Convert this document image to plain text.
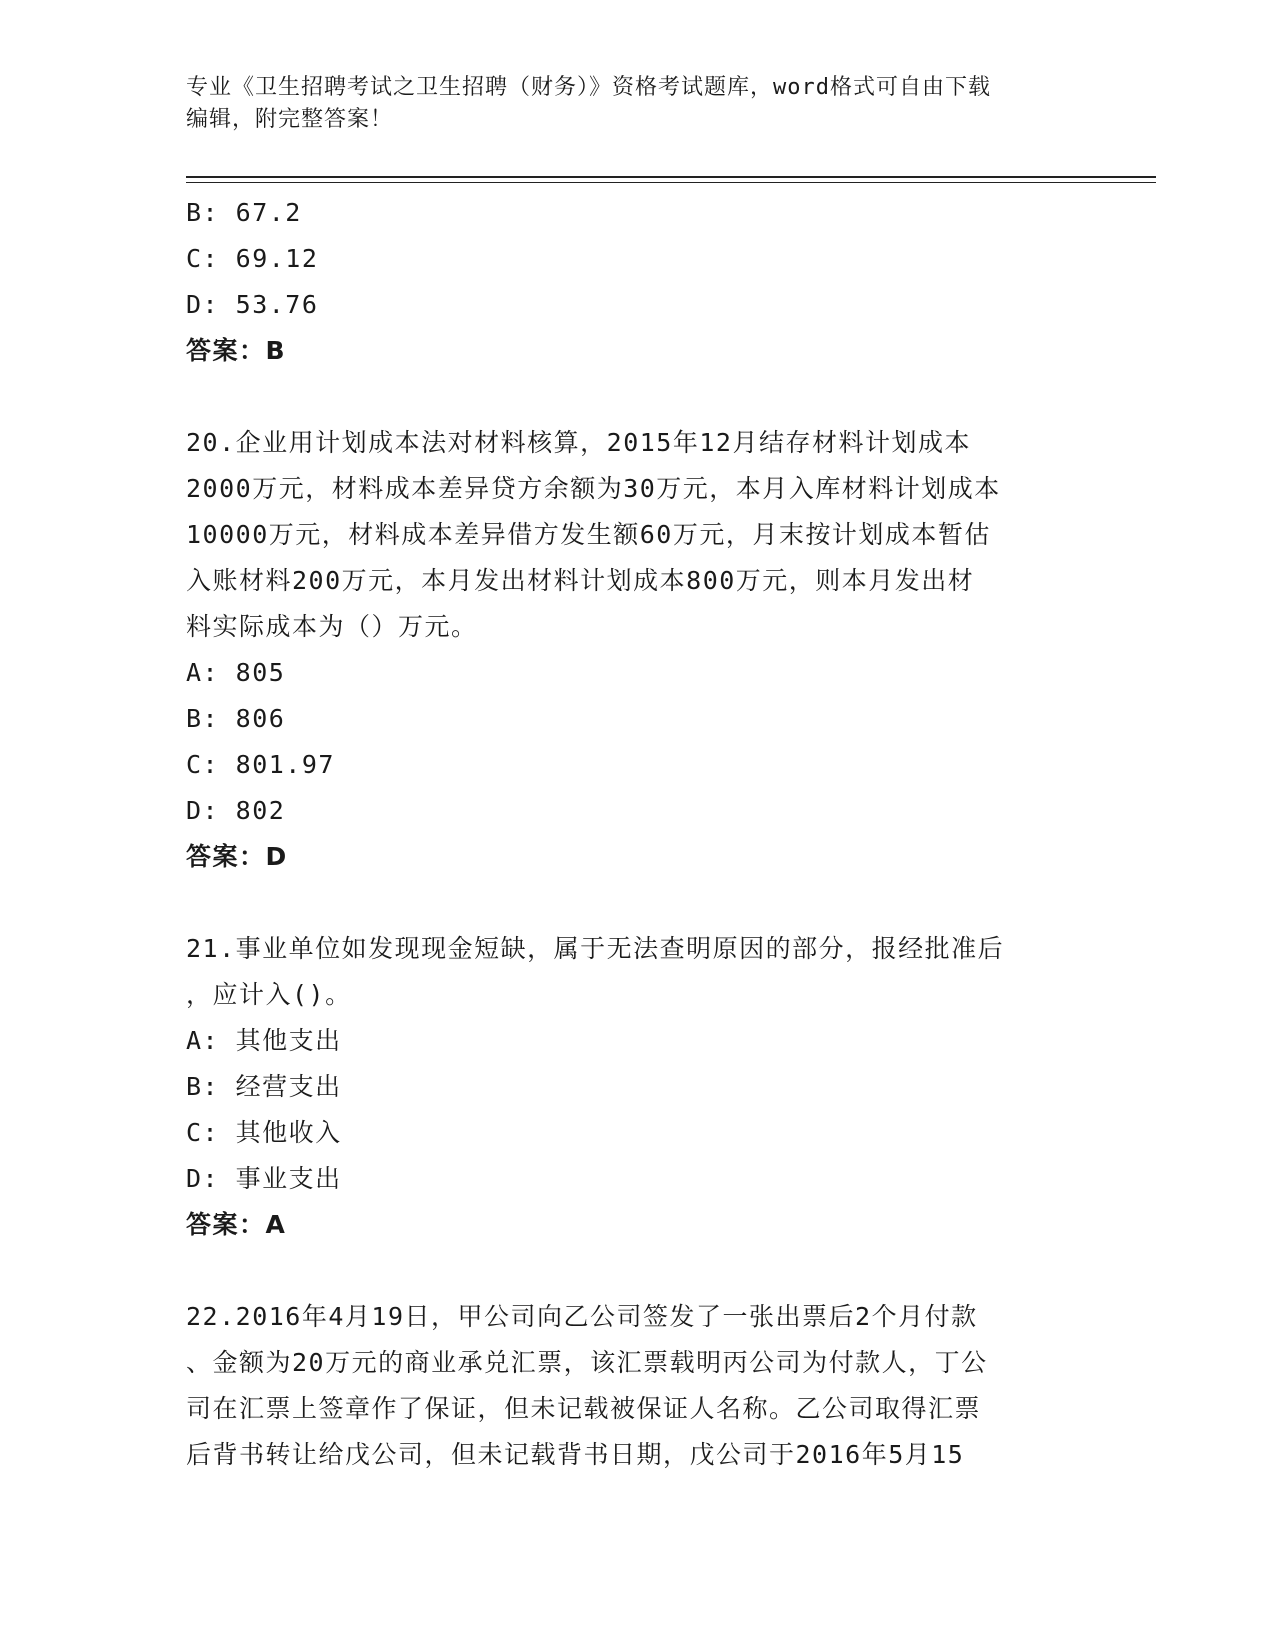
专业《卫生招聘考试之卫生招聘（财务）》资格考试题库，word格式可自由下载
编辑，附完整答案！
B: 67.2
C: 69.12
D: 53.76
答案：B
20.企业用计划成本法对材料核算，2015年12月结存材料计划成本
2000万元，材料成本差异贷方余额为30万元，本月入库材料计划成本
10000万元，材料成本差异借方发生额60万元，月末按计划成本暂估
入账材料200万元，本月发出材料计划成本800万元，则本月发出材
料实际成本为（）万元。
A: 805
B: 806
C: 801.97
D: 802
答案：D
21.事业单位如发现现金短缺，属于无法查明原因的部分，报经批准后
，应计入()。
A: 其他支出
B: 经营支出
C: 其他收入
D: 事业支出
答案：A
22.2016年4月19日，甲公司向乙公司签发了一张出票后2个月付款
、金额为20万元的商业承兑汇票，该汇票载明丙公司为付款人，丁公
司在汇票上签章作了保证，但未记载被保证人名称。乙公司取得汇票
后背书转让给戊公司，但未记载背书日期，戊公司于2016年5月15
